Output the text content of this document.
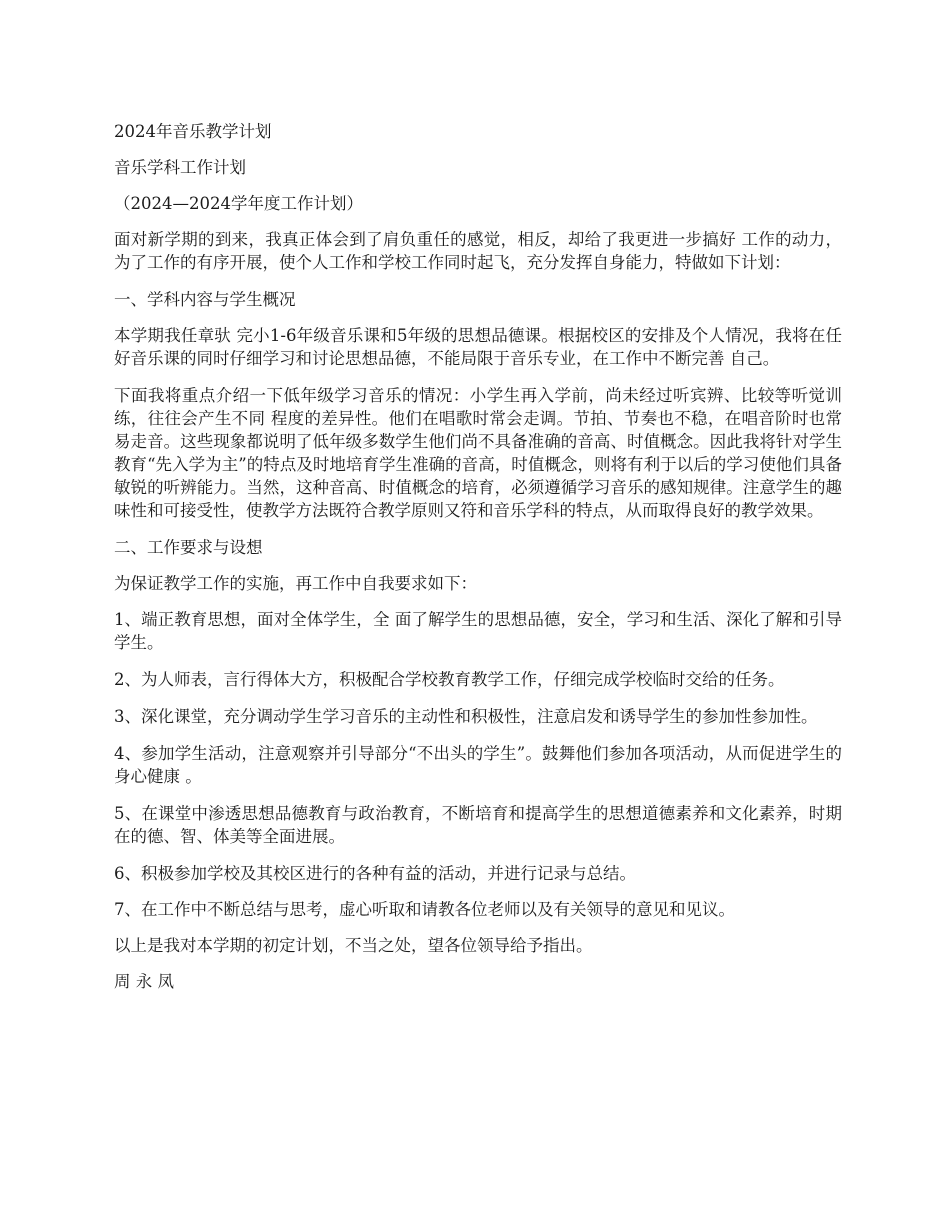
2024年音乐教学计划

音乐学科工作计划

（2024—2024学年度工作计划）

面对新学期的到来，我真正体会到了肩负重任的感觉，相反，却给了我更进一步搞好 工作的动力，为了工作的有序开展，使个人工作和学校工作同时起飞，充分发挥自身能力，特做如下计划：

一、学科内容与学生概况

本学期我任章驮 完小1-6年级音乐课和5年级的思想品德课。根据校区的安排及个人情况，我将在任好音乐课的同时仔细学习和讨论思想品德，不能局限于音乐专业，在工作中不断完善 自己。

下面我将重点介绍一下低年级学习音乐的情况：小学生再入学前，尚未经过听宾辨、比较等听觉训练，往往会产生不同 程度的差异性。他们在唱歌时常会走调。节拍、节奏也不稳，在唱音阶时也常易走音。这些现象都说明了低年级多数学生他们尚不具备准确的音高、时值概念。因此我将针对学生教育“先入学为主”的特点及时地培育学生准确的音高，时值概念，则将有利于以后的学习使他们具备敏锐的听辨能力。当然，这种音高、时值概念的培育，必须遵循学习音乐的感知规律。注意学生的趣味性和可接受性，使教学方法既符合教学原则又符和音乐学科的特点，从而取得良好的教学效果。

二、工作要求与设想

为保证教学工作的实施，再工作中自我要求如下：

1、端正教育思想，面对全体学生，全 面了解学生的思想品德，安全，学习和生活、深化了解和引导学生。

2、为人师表，言行得体大方，积极配合学校教育教学工作，仔细完成学校临时交给的任务。

3、深化课堂，充分调动学生学习音乐的主动性和积极性，注意启发和诱导学生的参加性参加性。

4、参加学生活动，注意观察并引导部分“不出头的学生”。鼓舞他们参加各项活动，从而促进学生的身心健康 。

5、在课堂中渗透思想品德教育与政治教育，不断培育和提高学生的思想道德素养和文化素养，时期在的德、智、体美等全面进展。

6、积极参加学校及其校区进行的各种有益的活动，并进行记录与总结。

7、在工作中不断总结与思考，虚心听取和请教各位老师以及有关领导的意见和见议。

以上是我对本学期的初定计划，不当之处，望各位领导给予指出。

周 永 凤
